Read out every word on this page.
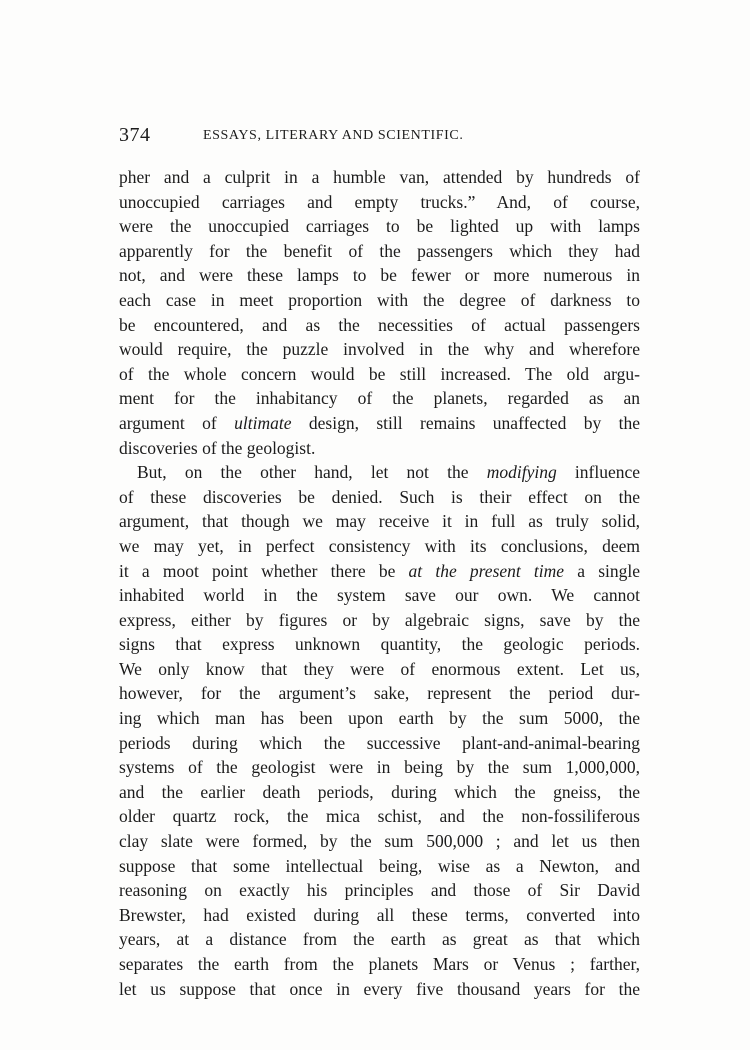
374	ESSAYS, LITERARY AND SCIENTIFIC.
pher and a culprit in a humble van, attended by hundreds of
unoccupied carriages and empty trucks.” And, of course,
were the unoccupied carriages to be lighted up with lamps
apparently for the benefit of the passengers which they had
not, and were these lamps to be fewer or more numerous in
each case in meet proportion with the degree of darkness to
be encountered, and as the necessities of actual passengers
would require, the puzzle involved in the why and wherefore
of the whole concern would be still increased. The old argu-
ment for the inhabitancy of the planets, regarded as an
argument of ultimate design, still remains unaffected by the
discoveries of the geologist.
But, on the other hand, let not the modifying influence
of these discoveries be denied. Such is their effect on the
argument, that though we may receive it in full as truly solid,
we may yet, in perfect consistency with its conclusions, deem
it a moot point whether there be at the present time a single
inhabited world in the system save our own. We cannot
express, either by figures or by algebraic signs, save by the
signs that express unknown quantity, the geologic periods.
We only know that they were of enormous extent. Let us,
however, for the argument’s sake, represent the period dur-
ing which man has been upon earth by the sum 5000, the
periods during which the successive plant-and-animal-bearing
systems of the geologist were in being by the sum 1,000,000,
and the earlier death periods, during which the gneiss, the
older quartz rock, the mica schist, and the non-fossiliferous
clay slate were formed, by the sum 500,000 ; and let us then
suppose that some intellectual being, wise as a Newton, and
reasoning on exactly his principles and those of Sir David
Brewster, had existed during all these terms, converted into
years, at a distance from the earth as great as that which
separates the earth from the planets Mars or Venus ; farther,
let us suppose that once in every five thousand years for the
